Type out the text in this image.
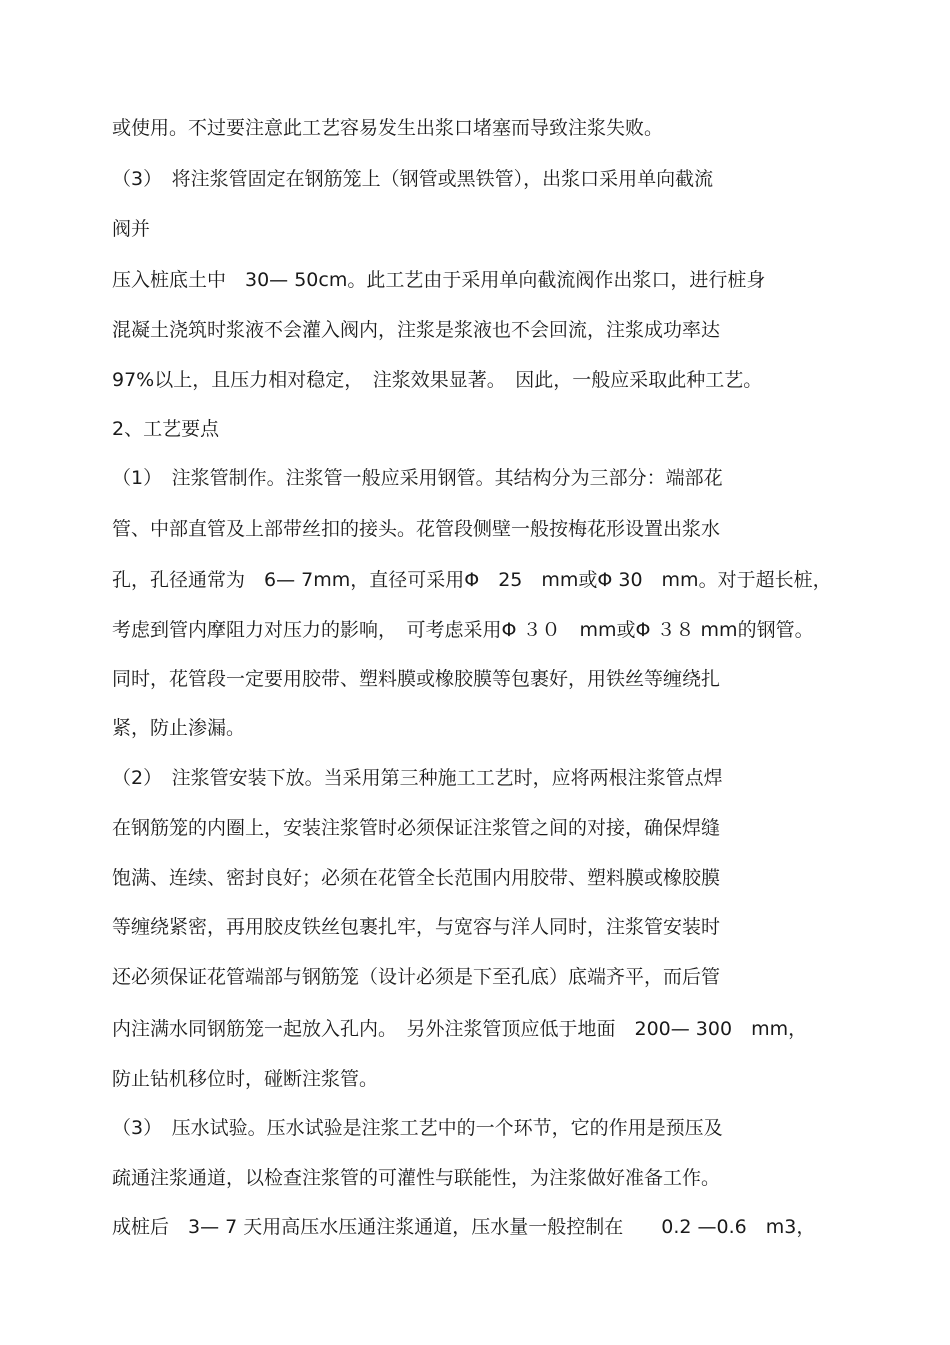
或使用。不过要注意此工艺容易发生出浆口堵塞而导致注浆失败。
（3）　将注浆管固定在钢筋笼上（钢管或黑铁管），出浆口采用单向截流
阀并
压入桩底土中　30— 50cm。此工艺由于采用单向截流阀作出浆口，进行桩身
混凝土浇筑时浆液不会灌入阀内，注浆是浆液也不会回流，注浆成功率达
97%以上，且压力相对稳定，　注浆效果显著。　因此，一般应采取此种工艺。
2、工艺要点
（1）　注浆管制作。注浆管一般应采用钢管。其结构分为三部分：端部花
管、中部直管及上部带丝扣的接头。花管段侧壁一般按梅花形设置出浆水
孔，孔径通常为　6— 7mm，直径可采用Φ　25　mm或Φ 30　mm。对于超长桩，
考虑到管内摩阻力对压力的影响，　可考虑采用Φ ３０　mm或Φ ３８ mm的钢管。
同时，花管段一定要用胶带、塑料膜或橡胶膜等包裹好，用铁丝等缠绕扎
紧，防止渗漏。
（2）　注浆管安装下放。当采用第三种施工工艺时，应将两根注浆管点焊
在钢筋笼的内圈上，安装注浆管时必须保证注浆管之间的对接，确保焊缝
饱满、连续、密封良好；必须在花管全长范围内用胶带、塑料膜或橡胶膜
等缠绕紧密，再用胶皮铁丝包裹扎牢，与宽容与洋人同时，注浆管安装时
还必须保证花管端部与钢筋笼（设计必须是下至孔底）底端齐平，而后管
内注满水同钢筋笼一起放入孔内。　另外注浆管顶应低于地面　200— 300　mm，
防止钻机移位时，碰断注浆管。
（3）　压水试验。压水试验是注浆工艺中的一个环节，它的作用是预压及
疏通注浆通道，以检查注浆管的可灌性与联能性，为注浆做好准备工作。
成桩后　3— 7 天用高压水压通注浆通道，压水量一般控制在　　0.2 —0.6　m3，
